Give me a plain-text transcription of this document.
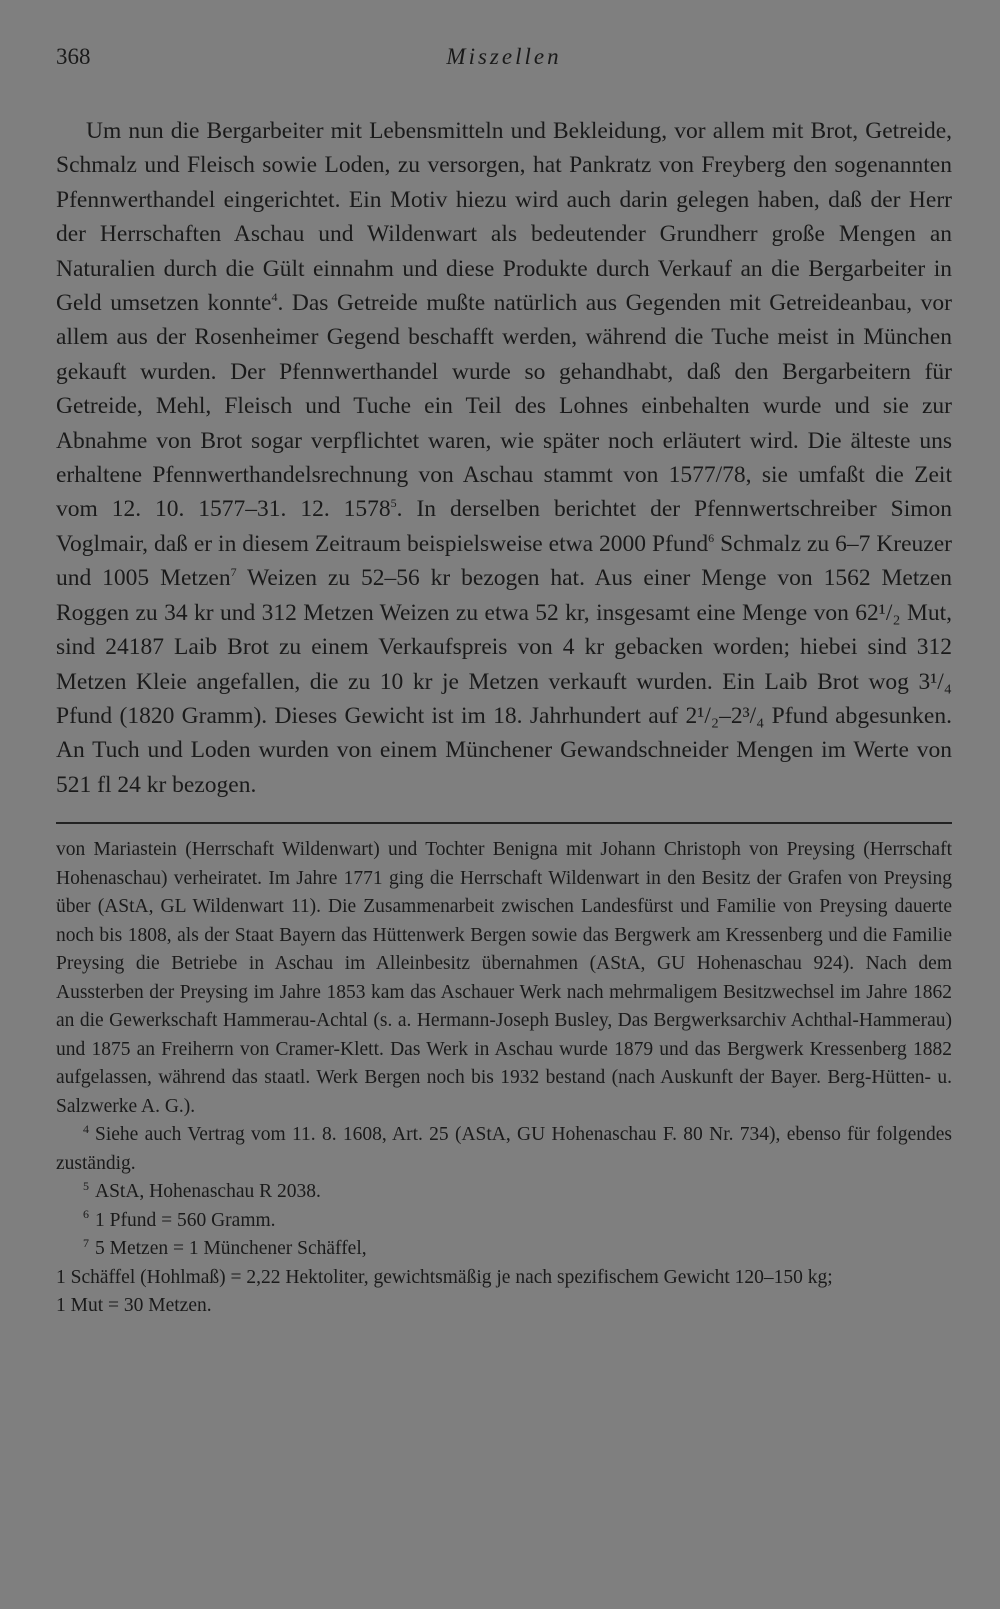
368	Miszellen

Um nun die Bergarbeiter mit Lebensmitteln und Bekleidung, vor allem mit Brot, Getreide, Schmalz und Fleisch sowie Loden, zu versorgen, hat Pankratz von Freyberg den sogenannten Pfennwerthandel eingerichtet. Ein Motiv hiezu wird auch darin gelegen haben, daß der Herr der Herrschaften Aschau und Wildenwart als bedeutender Grundherr große Mengen an Naturalien durch die Gült einnahm und diese Produkte durch Verkauf an die Bergarbeiter in Geld umsetzen konnte$^4$. Das Getreide mußte natürlich aus Gegenden mit Getreideanbau, vor allem aus der Rosenheimer Gegend beschafft werden, während die Tuche meist in München gekauft wurden. Der Pfennwerthandel wurde so gehandhabt, daß den Bergarbeitern für Getreide, Mehl, Fleisch und Tuche ein Teil des Lohnes einbehalten wurde und sie zur Abnahme von Brot sogar verpflichtet waren, wie später noch erläutert wird. Die älteste uns erhaltene Pfennwerthandelsrechnung von Aschau stammt von 1577/78, sie umfaßt die Zeit vom 12. 10. 1577–31. 12. 1578$^5$. In derselben berichtet der Pfennwertschreiber Simon Voglmair, daß er in diesem Zeitraum beispielsweise etwa 2000 Pfund$^6$ Schmalz zu 6–7 Kreuzer und 1005 Metzen$^7$ Weizen zu 52–56 kr bezogen hat. Aus einer Menge von 1562 Metzen Roggen zu 34 kr und 312 Metzen Weizen zu etwa 52 kr, insgesamt eine Menge von 62¹/₂ Mut, sind 24187 Laib Brot zu einem Verkaufspreis von 4 kr gebacken worden; hiebei sind 312 Metzen Kleie angefallen, die zu 10 kr je Metzen verkauft wurden. Ein Laib Brot wog 3¹/₄ Pfund (1820 Gramm). Dieses Gewicht ist im 18. Jahrhundert auf 2¹/₂–2³/₄ Pfund abgesunken. An Tuch und Loden wurden von einem Münchener Gewandschneider Mengen im Werte von 521 fl 24 kr bezogen.

von Mariastein (Herrschaft Wildenwart) und Tochter Benigna mit Johann Christoph von Preysing (Herrschaft Hohenaschau) verheiratet. Im Jahre 1771 ging die Herrschaft Wildenwart in den Besitz der Grafen von Preysing über (AStA, GL Wildenwart 11). Die Zusammenarbeit zwischen Landesfürst und Familie von Preysing dauerte noch bis 1808, als der Staat Bayern das Hüttenwerk Bergen sowie das Bergwerk am Kressenberg und die Familie Preysing die Betriebe in Aschau im Alleinbesitz übernahmen (AStA, GU Hohenaschau 924). Nach dem Aussterben der Preysing im Jahre 1853 kam das Aschauer Werk nach mehrmaligem Besitzwechsel im Jahre 1862 an die Gewerkschaft Hammerau-Achtal (s. a. Hermann-Joseph Busley, Das Bergwerksarchiv Achthal-Hammerau) und 1875 an Freiherrn von Cramer-Klett. Das Werk in Aschau wurde 1879 und das Bergwerk Kressenberg 1882 aufgelassen, während das staatl. Werk Bergen noch bis 1932 bestand (nach Auskunft der Bayer. Berg-Hütten- u. Salzwerke A. G.).

$^4$ Siehe auch Vertrag vom 11. 8. 1608, Art. 25 (AStA, GU Hohenaschau F. 80 Nr. 734), ebenso für folgendes zuständig.

$^5$ AStA, Hohenaschau R 2038.

$^6$ 1 Pfund = 560 Gramm.

$^7$ 5 Metzen = 1 Münchener Schäffel,

1 Schäffel (Hohlmaß) = 2,22 Hektoliter, gewichtsmäßig je nach spezifischem Gewicht 120–150 kg;

1 Mut = 30 Metzen.
